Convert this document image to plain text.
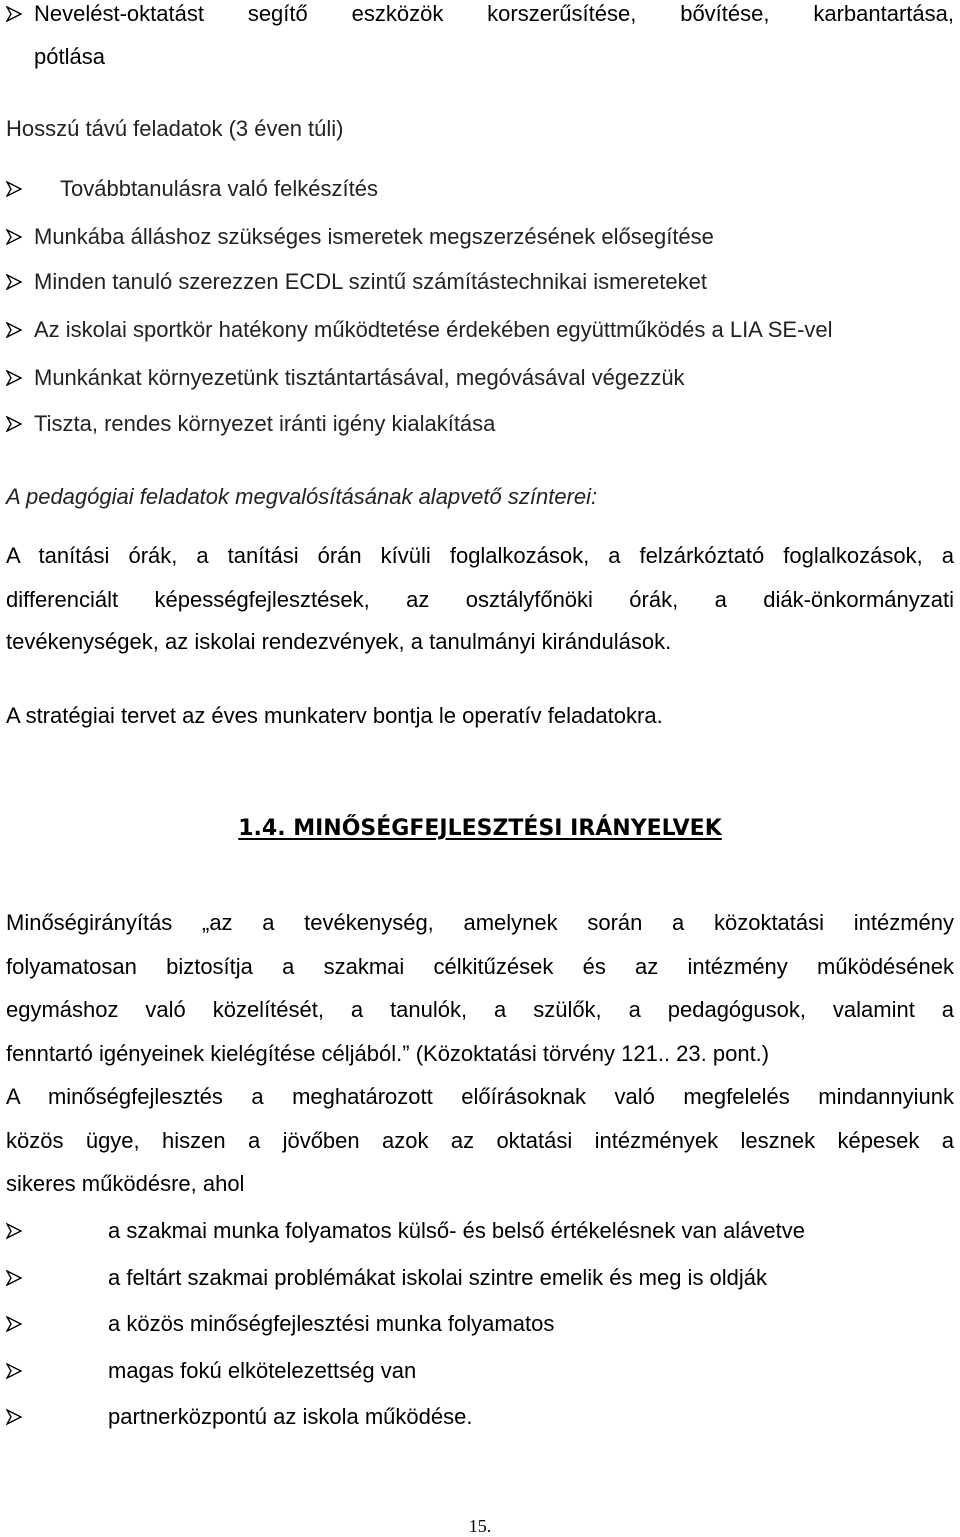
Nevelést-oktatást segítő eszközök korszerűsítése, bővítése, karbantartása,
pótlása
Hosszú távú feladatok (3 éven túli)
Továbbtanulásra való felkészítés
Munkába álláshoz szükséges ismeretek megszerzésének elősegítése
Minden tanuló szerezzen ECDL szintű számítástechnikai ismereteket
Az iskolai sportkör hatékony működtetése érdekében együttműködés a LIA SE-vel
Munkánkat környezetünk tisztántartásával, megóvásával végezzük
Tiszta, rendes környezet iránti igény kialakítása
A pedagógiai feladatok megvalósításának alapvető színterei:
A tanítási órák, a tanítási órán kívüli foglalkozások, a felzárkóztató foglalkozások, a
differenciált képességfejlesztések, az osztályfőnöki órák, a diák-önkormányzati
tevékenységek, az iskolai rendezvények, a tanulmányi kirándulások.
A stratégiai tervet az éves munkaterv bontja le operatív feladatokra.
1.4. MINŐSÉGFEJLESZTÉSI IRÁNYELVEK
Minőségirányítás „az a tevékenység, amelynek során a közoktatási intézmény
folyamatosan biztosítja a szakmai célkitűzések és az intézmény működésének
egymáshoz való közelítését, a tanulók, a szülők, a pedagógusok, valamint a
fenntartó igényeinek kielégítése céljából.” (Közoktatási törvény 121.. 23. pont.)
A minőségfejlesztés a meghatározott előírásoknak való megfelelés mindannyiunk
közös ügye, hiszen a jövőben azok az oktatási intézmények lesznek képesek a
sikeres működésre, ahol
a szakmai munka folyamatos külső- és belső értékelésnek van alávetve
a feltárt szakmai problémákat iskolai szintre emelik és meg is oldják
a közös minőségfejlesztési munka folyamatos
magas fokú elkötelezettség van
partnerközpontú az iskola működése.
15.
